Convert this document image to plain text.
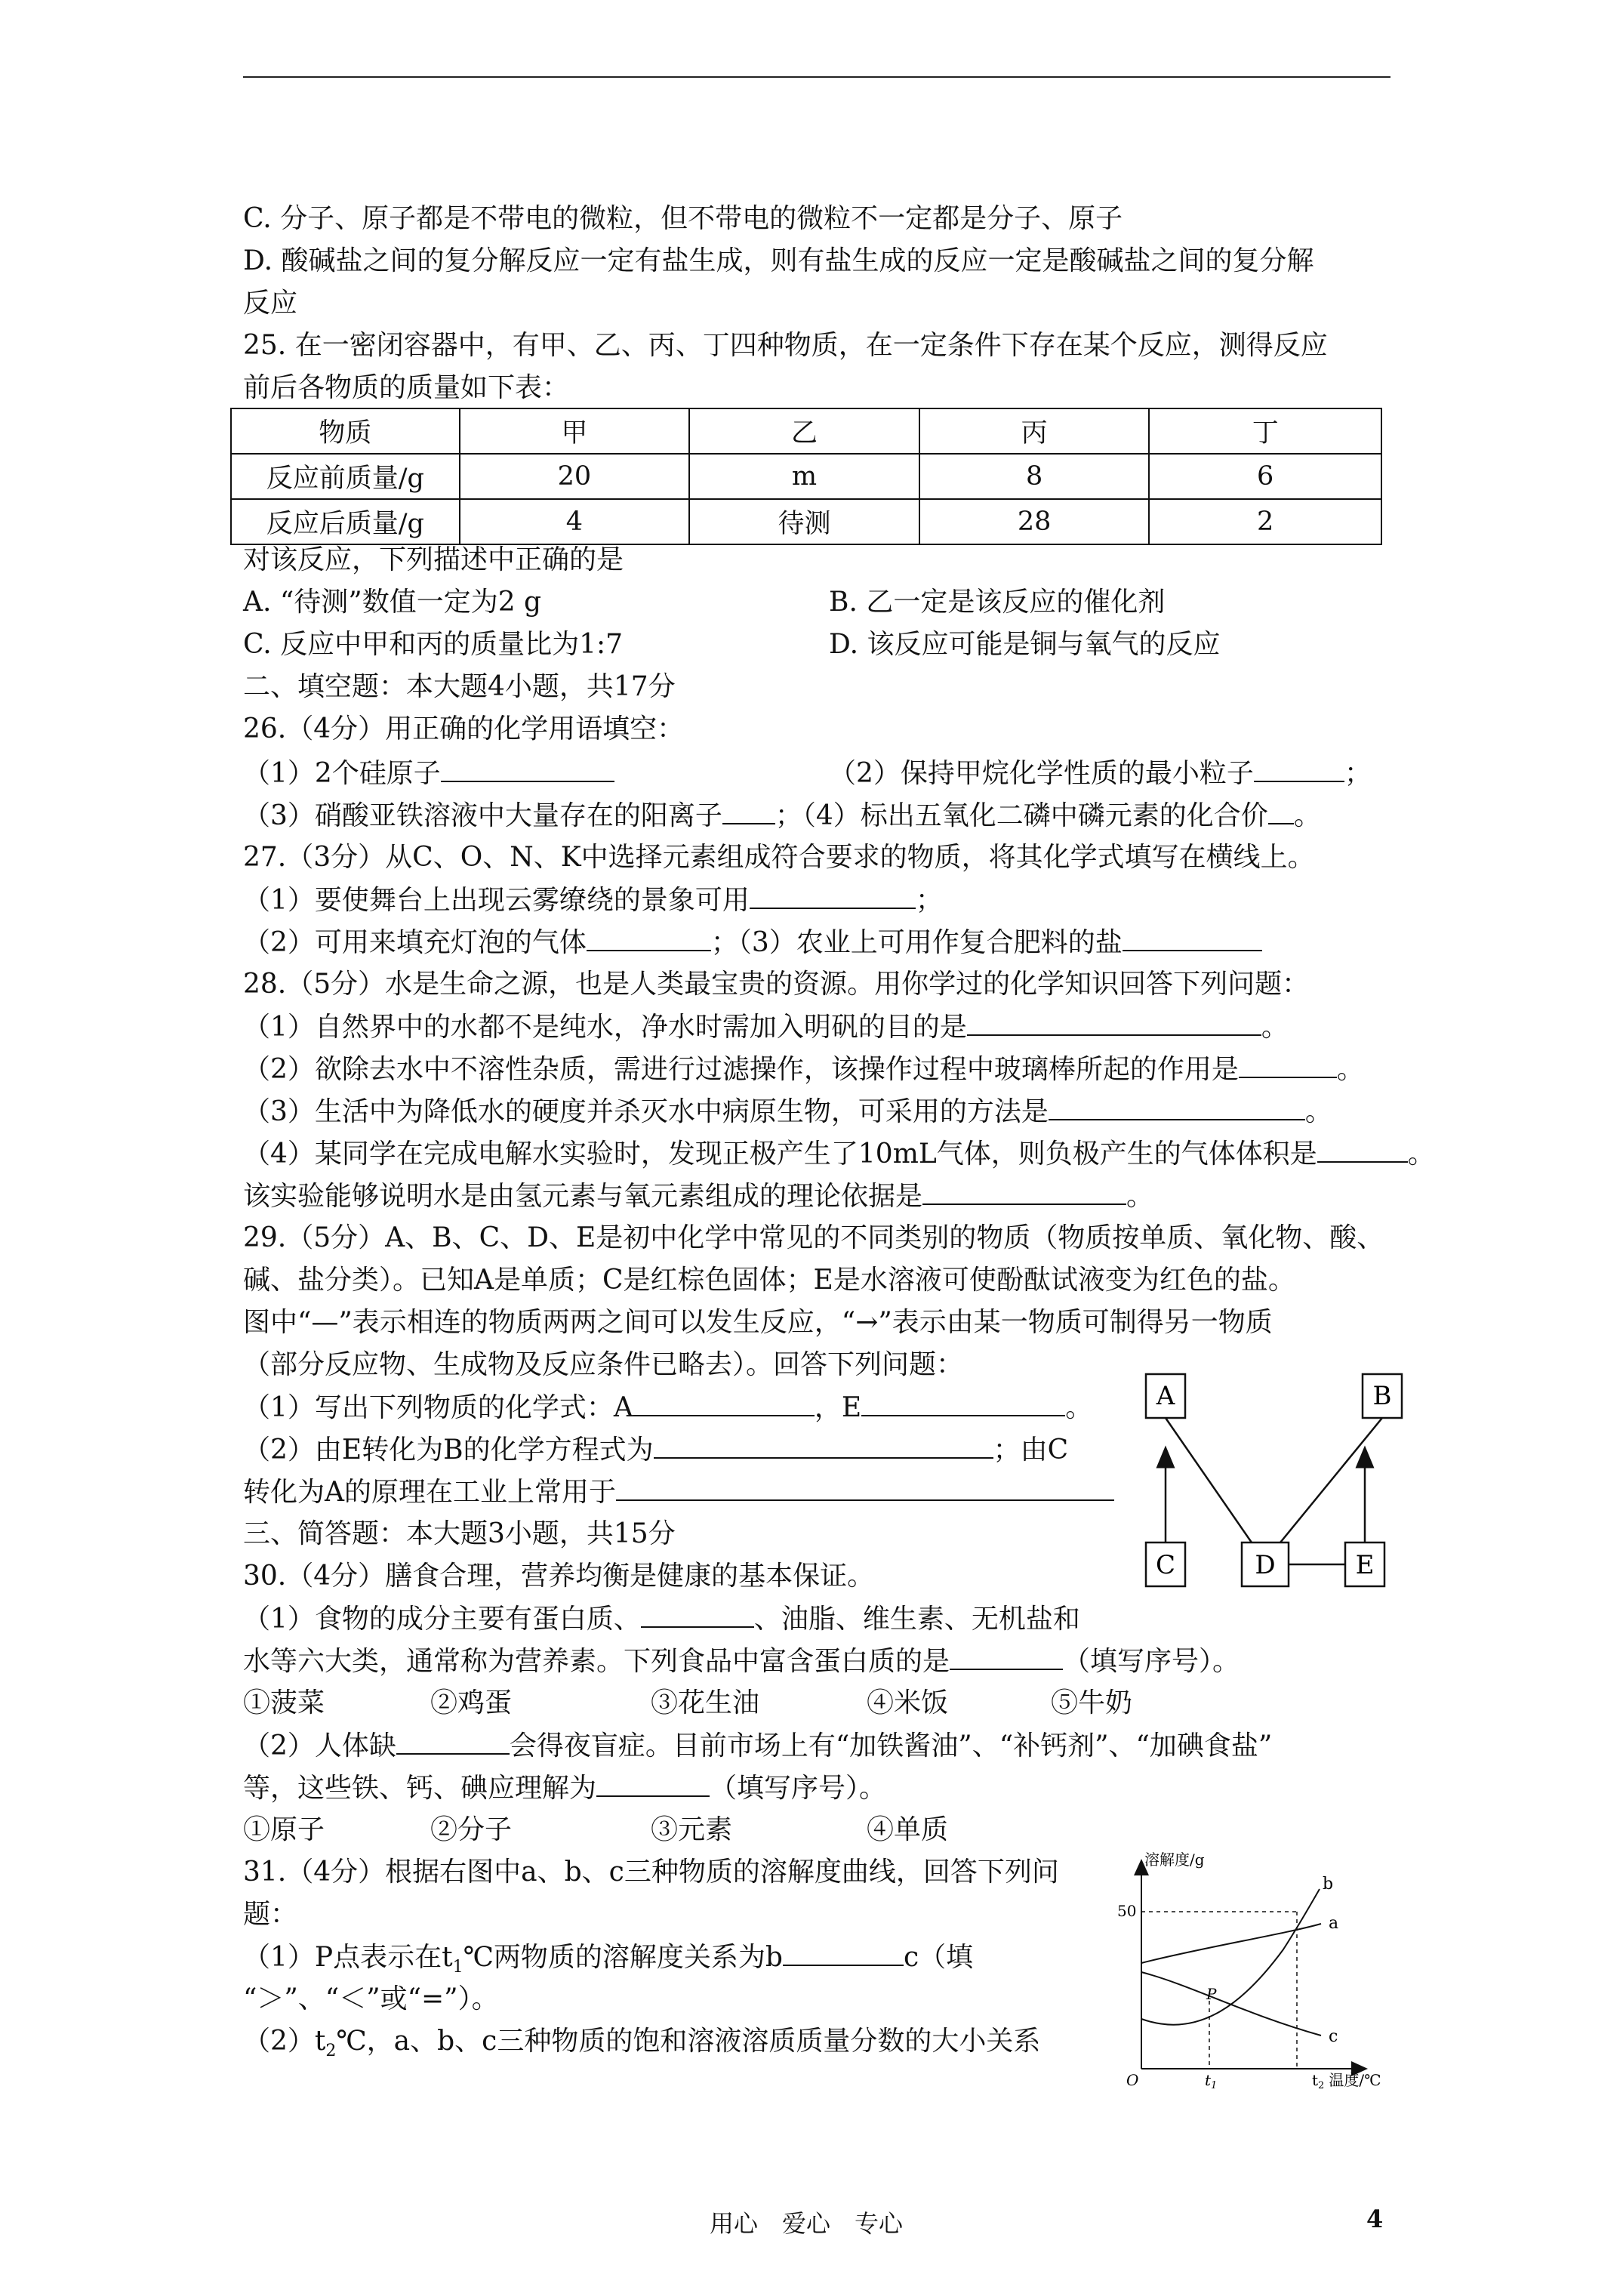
C. 分子、原子都是不带电的微粒，但不带电的微粒不一定都是分子、原子
D. 酸碱盐之间的复分解反应一定有盐生成，则有盐生成的反应一定是酸碱盐之间的复分解
反应
25. 在一密闭容器中，有甲、乙、丙、丁四种物质，在一定条件下存在某个反应，测得反应
前后各物质的质量如下表：
物质	甲	乙	丙	丁
反应前质量/g	20	m	8	6
反应后质量/g	4	待测	28	2
对该反应，下列描述中正确的是
A. “待测”数值一定为2 g	B. 乙一定是该反应的催化剂
C. 反应中甲和丙的质量比为1:7	D. 该反应可能是铜与氧气的反应
二、填空题：本大题4小题，共17分
26.（4分）用正确的化学用语填空：
（1）2个硅原子	（2）保持甲烷化学性质的最小粒子	；
（3）硝酸亚铁溶液中大量存在的阳离子 ；（4）标出五氧化二磷中磷元素的化合价 。
27.（3分）从C、O、N、K中选择元素组成符合要求的物质，将其化学式填写在横线上。
（1）要使舞台上出现云雾缭绕的景象可用	；
（2）可用来填充灯泡的气体	；（3）农业上可用作复合肥料的盐
28.（5分）水是生命之源，也是人类最宝贵的资源。用你学过的化学知识回答下列问题：
（1）自然界中的水都不是纯水，净水时需加入明矾的目的是	。
（2）欲除去水中不溶性杂质，需进行过滤操作，该操作过程中玻璃棒所起的作用是	。
（3）生活中为降低水的硬度并杀灭水中病原生物，可采用的方法是	。
（4）某同学在完成电解水实验时，发现正极产生了10mL气体，则负极产生的气体体积是	。
该实验能够说明水是由氢元素与氧元素组成的理论依据是	。
29.（5分）A、B、C、D、E是初中化学中常见的不同类别的物质（物质按单质、氧化物、酸、
碱、盐分类）。已知A是单质；C是红棕色固体；E是水溶液可使酚酞试液变为红色的盐。
图中“—”表示相连的物质两两之间可以发生反应，“→”表示由某一物质可制得另一物质
（部分反应物、生成物及反应条件已略去）。回答下列问题：
（1）写出下列物质的化学式：A	，E	。
（2）由E转化为B的化学方程式为	；由C
转化为A的原理在工业上常用于
A	B
C	D	E
三、简答题：本大题3小题，共15分
30.（4分）膳食合理，营养均衡是健康的基本保证。
（1）食物的成分主要有蛋白质、	、油脂、维生素、无机盐和
水等六大类，通常称为营养素。下列食品中富含蛋白质的是	（填写序号）。
①菠菜	②鸡蛋	③花生油	④米饭	⑤牛奶
（2）人体缺	会得夜盲症。目前市场上有“加铁酱油”、“补钙剂”、“加碘食盐”
等，这些铁、钙、碘应理解为	（填写序号）。
①原子	②分子	③元素	④单质
31.（4分）根据右图中a、b、c三种物质的溶解度曲线，回答下列问
题：
（1）P点表示在$t_1℃$两物质的溶解度关系为b	c（填
“＞”、“＜”或“=”）。
$(2)t_2℃$，a、b、c三种物质的饱和溶液溶质质量分数的大小关系
溶解度/g
$t_2$ 温度/℃
O
50
$t_1$
P
a
b
c
用心　爱心　专心	4
